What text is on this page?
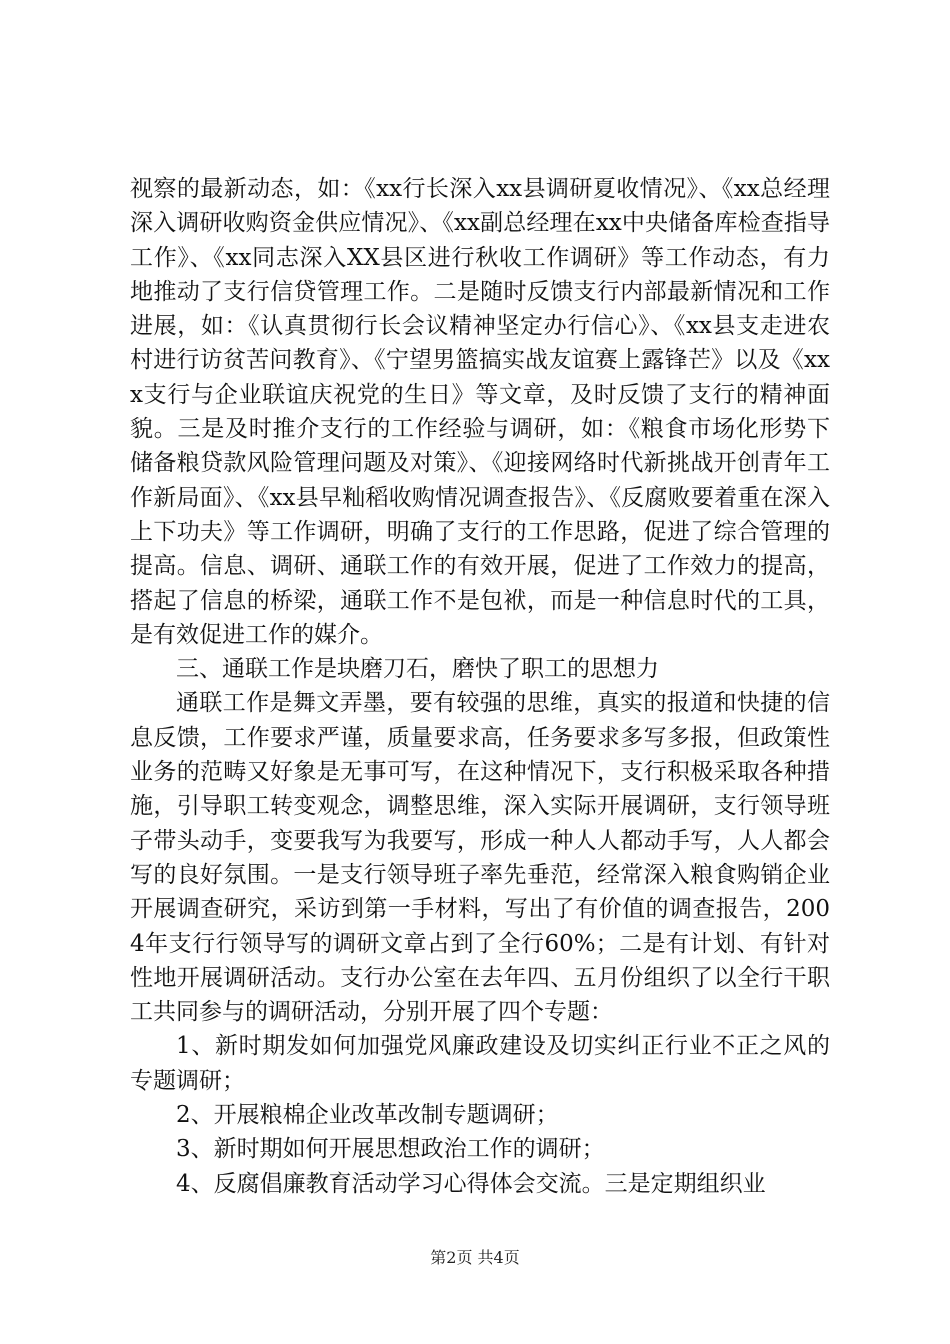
视察的最新动态，如：《xx行长深入xx县调研夏收情况》、《xx总经理深入调研收购资金供应情况》、《xx副总经理在xx中央储备库检查指导工作》、《xx同志深入XX县区进行秋收工作调研》等工作动态，有力地推动了支行信贷管理工作。二是随时反馈支行内部最新情况和工作进展，如：《认真贯彻行长会议精神坚定办行信心》、《xx县支走进农村进行访贫苦问教育》、《宁望男篮搞实战友谊赛上露锋芒》以及《xxx支行与企业联谊庆祝党的生日》等文章，及时反馈了支行的精神面貌。三是及时推介支行的工作经验与调研，如：《粮食市场化形势下储备粮贷款风险管理问题及对策》、《迎接网络时代新挑战开创青年工作新局面》、《xx县早籼稻收购情况调查报告》、《反腐败要着重在深入上下功夫》等工作调研，明确了支行的工作思路，促进了综合管理的提高。信息、调研、通联工作的有效开展，促进了工作效力的提高，搭起了信息的桥梁，通联工作不是包袱，而是一种信息时代的工具，是有效促进工作的媒介。

三、通联工作是块磨刀石，磨快了职工的思想力

通联工作是舞文弄墨，要有较强的思维，真实的报道和快捷的信息反馈，工作要求严谨，质量要求高，任务要求多写多报，但政策性业务的范畴又好象是无事可写，在这种情况下，支行积极采取各种措施，引导职工转变观念，调整思维，深入实际开展调研，支行领导班子带头动手，变要我写为我要写，形成一种人人都动手写，人人都会写的良好氛围。一是支行领导班子率先垂范，经常深入粮食购销企业开展调查研究，采访到第一手材料，写出了有价值的调查报告，2004年支行行领导写的调研文章占到了全行60%；二是有计划、有针对性地开展调研活动。支行办公室在去年四、五月份组织了以全行干职工共同参与的调研活动，分别开展了四个专题：

1、新时期发如何加强党风廉政建设及切实纠正行业不正之风的专题调研；

2、开展粮棉企业改革改制专题调研；

3、新时期如何开展思想政治工作的调研；

4、反腐倡廉教育活动学习心得体会交流。三是定期组织业

第2页 共4页
